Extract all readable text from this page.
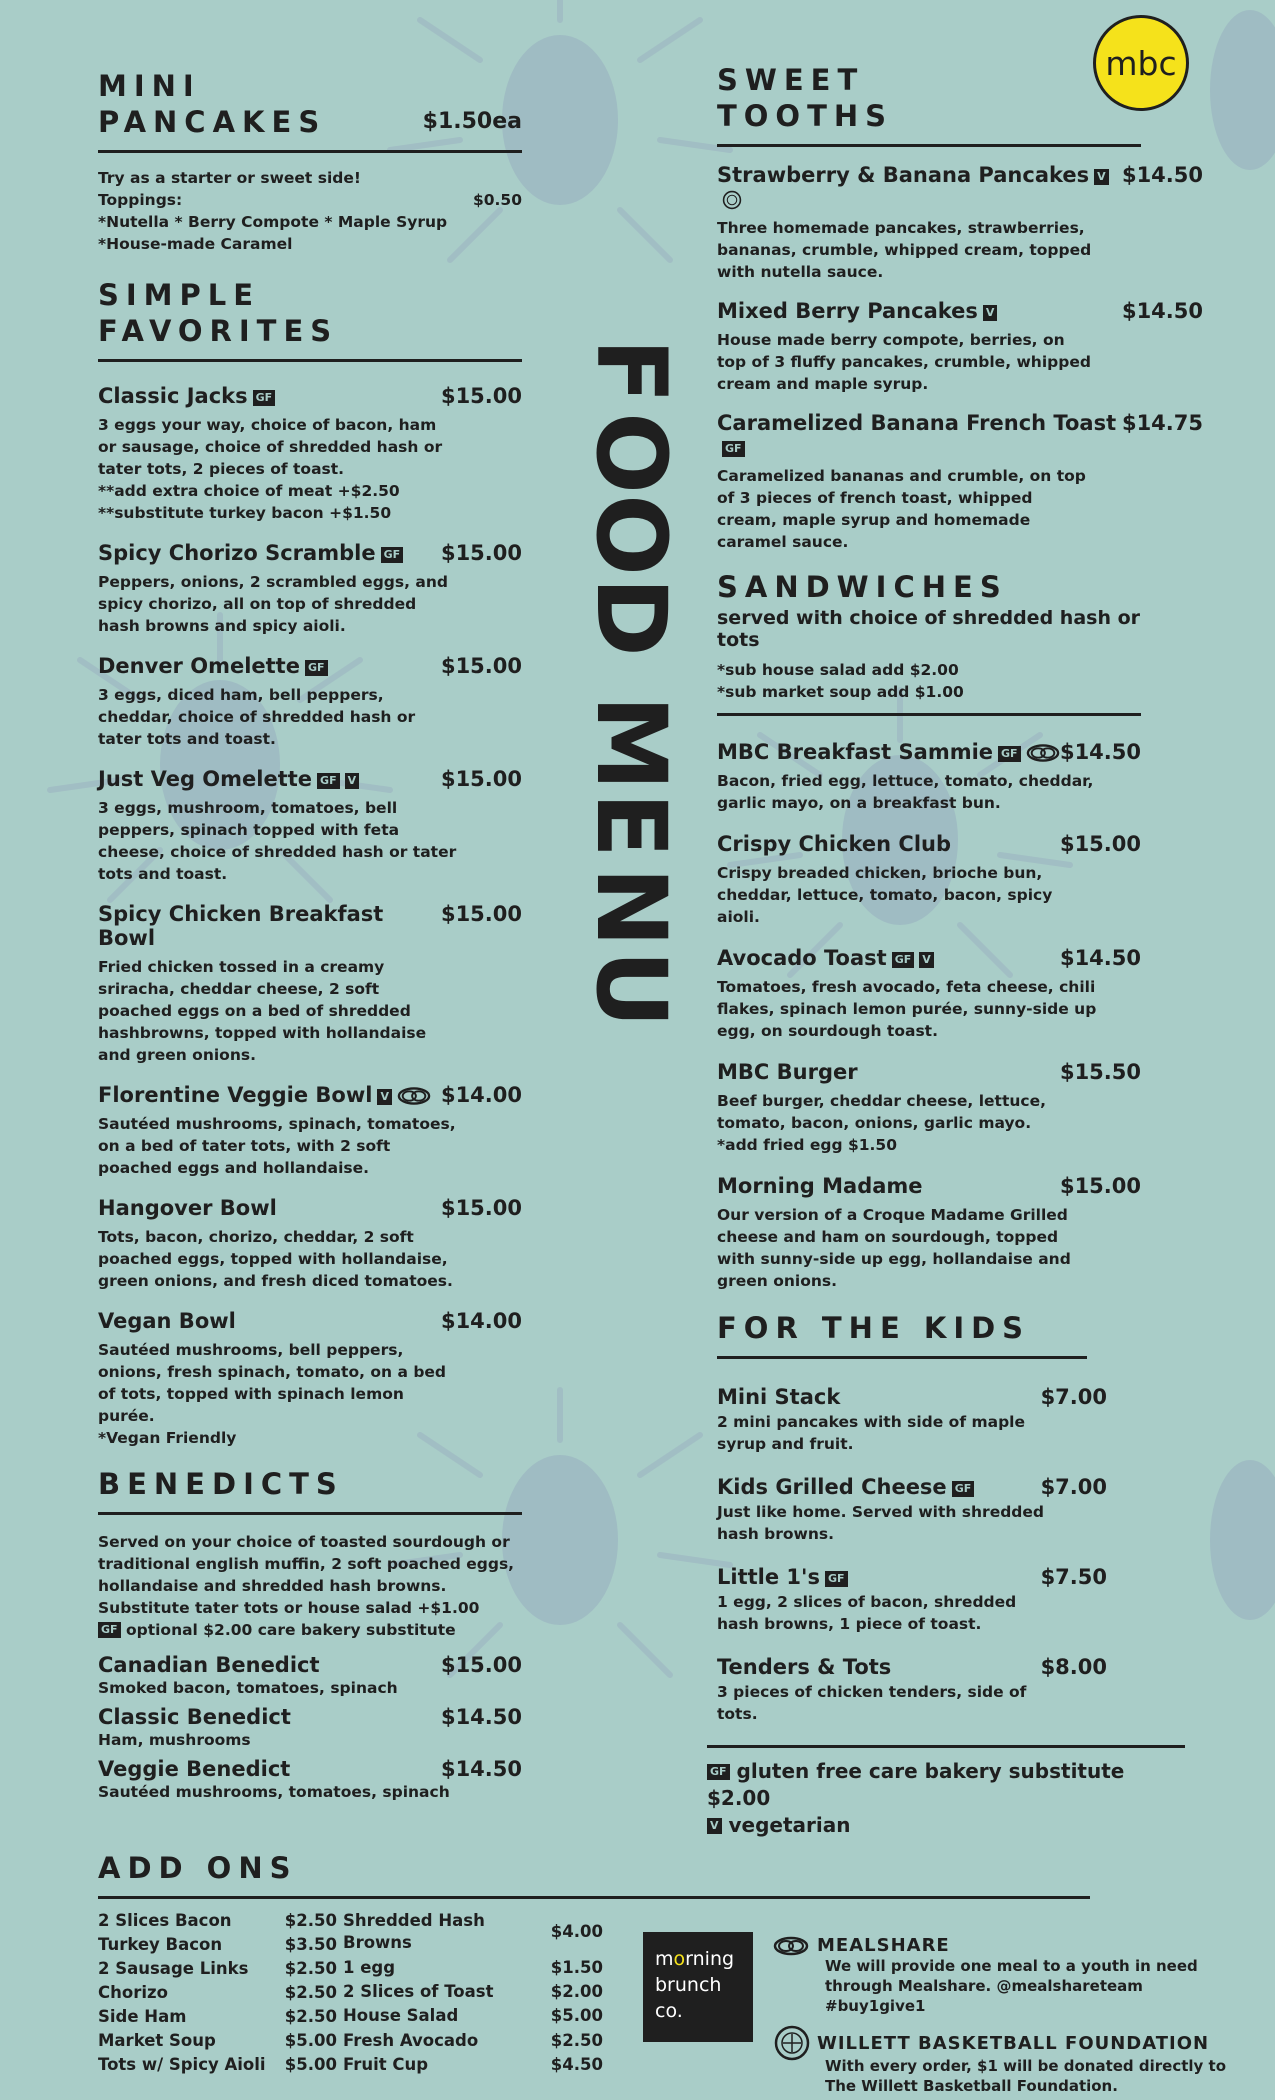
F
O
O
D
M
E
N
U
mbc
MINI
PANCAKES	$1.50ea
Try as a starter or sweet side!
Toppings:	$0.50
*Nutella * Berry Compote * Maple Syrup
*House-made Caramel
SIMPLE
FAVORITES
Classic Jacks GF	$15.00
3 eggs your way, choice of bacon, ham or sausage, choice of shredded hash or tater tots, 2 pieces of toast.
**add extra choice of meat +$2.50
**substitute turkey bacon +$1.50
Spicy Chorizo Scramble GF $15.00
Peppers, onions, 2 scrambled eggs, and spicy chorizo, all on top of shredded hash browns and spicy aioli.
Denver Omelette GF	$15.00
3 eggs, diced ham, bell peppers, cheddar, choice of shredded hash or tater tots and toast.
Just Veg Omelette GF V	$15.00
3 eggs, mushroom, tomatoes, bell peppers, spinach topped with feta cheese, choice of shredded hash or tater tots and toast.
Spicy Chicken Breakfast Bowl
$15.00
Fried chicken tossed in a creamy sriracha, cheddar cheese, 2 soft poached eggs on a bed of shredded hashbrowns, topped with hollandaise and green onions.
Florentine Veggie Bowl V	$14.00
Sautéed mushrooms, spinach, tomatoes, on a bed of tater tots, with 2 soft poached eggs and hollandaise.
Hangover Bowl	$15.00
Tots, bacon, chorizo, cheddar, 2 soft poached eggs, topped with hollandaise, green onions, and fresh diced tomatoes.
Vegan Bowl	$14.00
Sautéed mushrooms, bell peppers, onions, fresh spinach, tomato, on a bed of tots, topped with spinach lemon purée.
*Vegan Friendly
BENEDICTS
Served on your choice of toasted sourdough or traditional english muffin, 2 soft poached eggs, hollandaise and shredded hash browns. Substitute tater tots or house salad +$1.00
GF optional $2.00 care bakery substitute
Canadian Benedict	$15.00
Smoked bacon, tomatoes, spinach
Classic Benedict	$14.50
Ham, mushrooms
Veggie Benedict	$14.50
Sautéed mushrooms, tomatoes, spinach
ADD ONS
2 Slices Bacon	$2.50
Turkey Bacon	$3.50
2 Sausage Links	$2.50
Chorizo	$2.50
Side Ham	$2.50
Market Soup	$5.00
Tots w/ Spicy Aioli	$5.00
Shredded Hash Browns	$4.00
1 egg	$1.50
2 Slices of Toast	$2.00
House Salad	$5.00
Fresh Avocado	$2.50
Fruit Cup	$4.50
SWEET
TOOTHS
Strawberry & Banana Pancakes V $14.50
Three homemade pancakes, strawberries, bananas, crumble, whipped cream, topped with nutella sauce.
Mixed Berry Pancakes V	$14.50
House made berry compote, berries, on top of 3 fluffy pancakes, crumble, whipped cream and maple syrup.
Caramelized Banana French ToastGF
$14.75
Caramelized bananas and crumble, on top of 3 pieces of french toast, whipped cream, maple syrup and homemade caramel sauce.
SANDWICHES
served with choice of shredded hash or tots
*sub house salad add $2.00
*sub market soup add $1.00
MBC Breakfast Sammie GF	$14.50
Bacon, fried egg, lettuce, tomato, cheddar, garlic mayo, on a breakfast bun.
Crispy Chicken Club	$15.00
Crispy breaded chicken, brioche bun, cheddar, lettuce, tomato, bacon, spicy aioli.
Avocado Toast GF V	$14.50
Tomatoes, fresh avocado, feta cheese, chili flakes, spinach lemon purée, sunny-side up egg, on sourdough toast.
MBC Burger	$15.50
Beef burger, cheddar cheese, lettuce, tomato, bacon, onions, garlic mayo.
*add fried egg $1.50
Morning Madame	$15.00
Our version of a Croque Madame Grilled cheese and ham on sourdough, topped with sunny-side up egg, hollandaise and green onions.
FOR THE KIDS
Mini Stack	$7.00
2 mini pancakes with side of maple syrup and fruit.
Kids Grilled Cheese GF	$7.00
Just like home. Served with shredded hash browns.
Little 1's GF	$7.50
1 egg, 2 slices of bacon, shredded hash browns, 1 piece of toast.
Tenders & Tots	$8.00
3 pieces of chicken tenders, side of tots.
GF gluten free care bakery substitute $2.00
V vegetarian
morning
brunch
co.
MEALSHARE
We will provide one meal to a youth in need through Mealshare. @mealshareteam #buy1give1
WILLETT BASKETBALL FOUNDATION
With every order, $1 will be donated directly to The Willett Basketball Foundation.
